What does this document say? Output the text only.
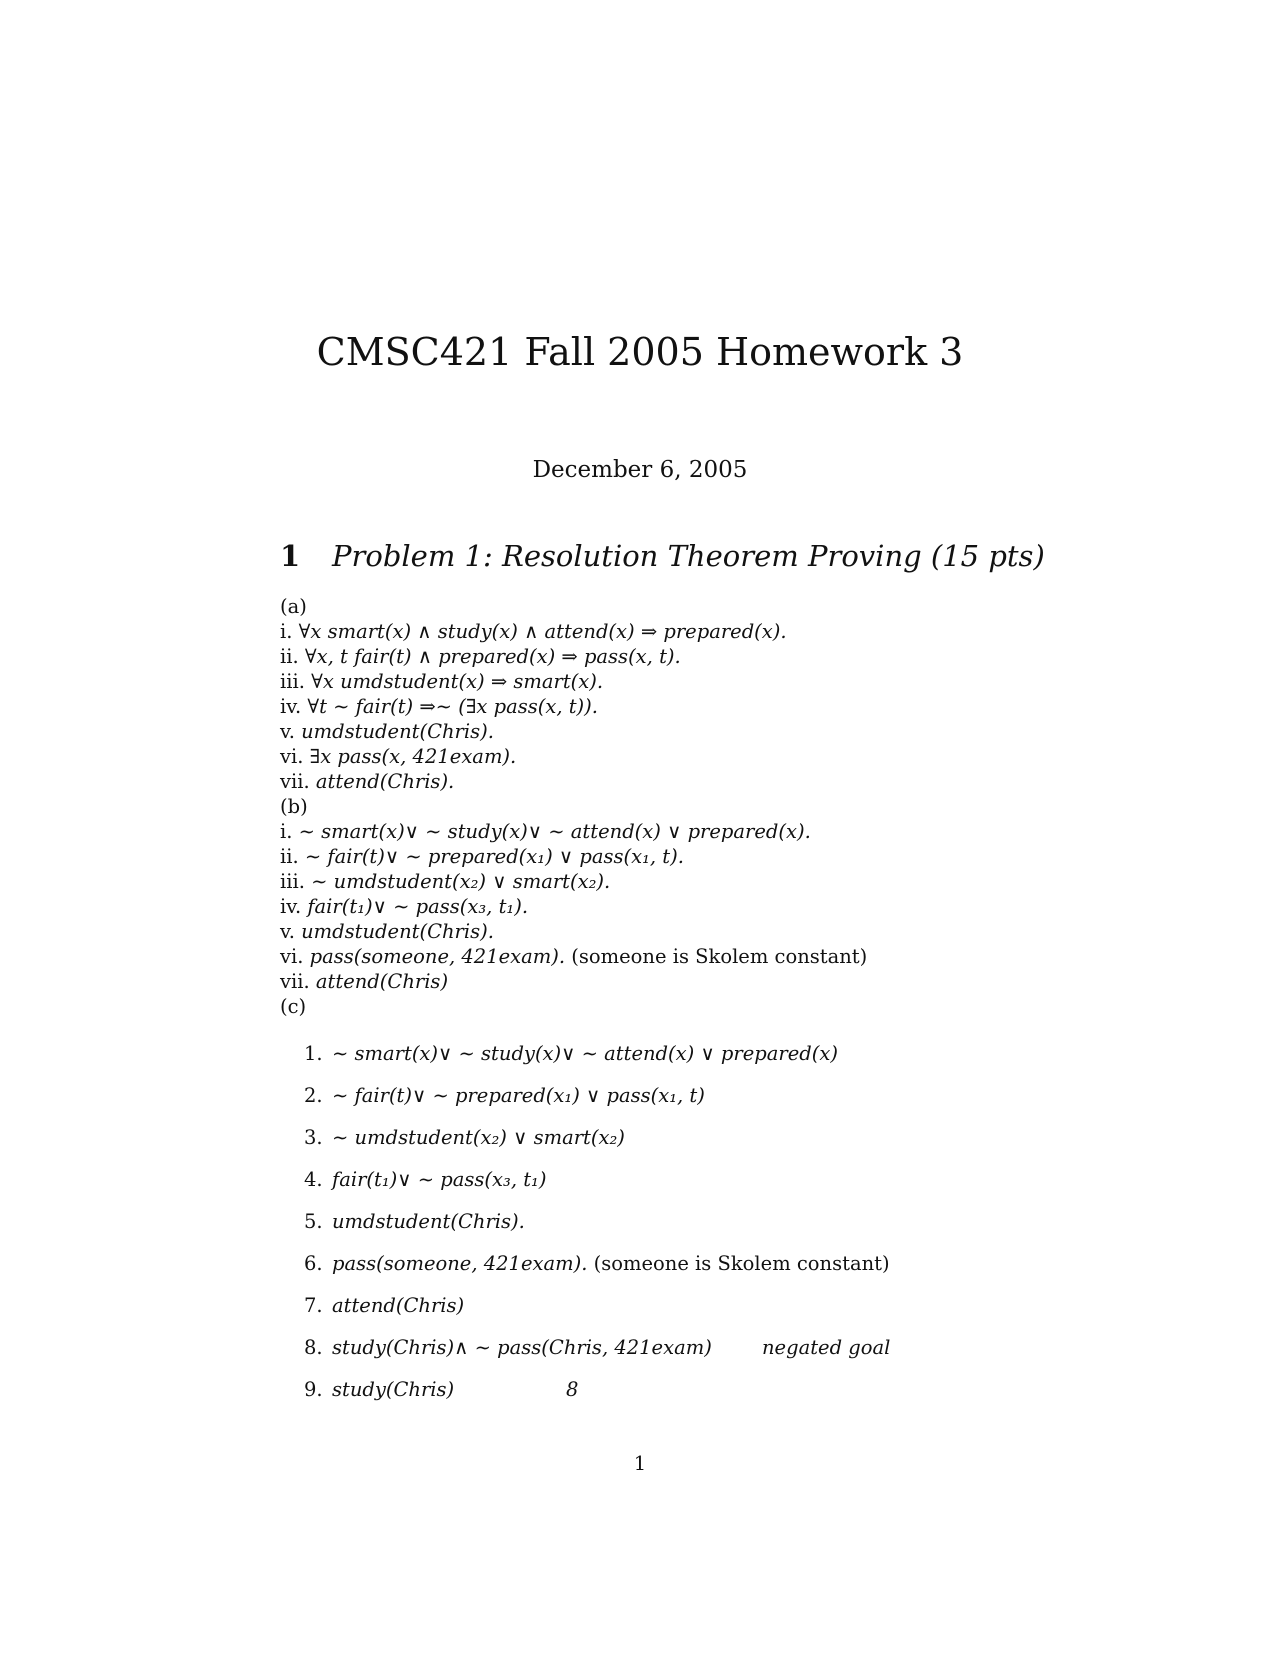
CMSC421 Fall 2005 Homework 3
December 6, 2005
1 Problem 1: Resolution Theorem Proving (15 pts)
(a)
i. ∀x smart(x) ∧ study(x) ∧ attend(x) ⇒ prepared(x).
ii. ∀x, t fair(t) ∧ prepared(x) ⇒ pass(x, t).
iii. ∀x umdstudent(x) ⇒ smart(x).
iv. ∀t ∼ fair(t) ⇒∼ (∃x pass(x, t)).
v. umdstudent(Chris).
vi. ∃x pass(x, 421exam).
vii. attend(Chris).
(b)
i. ∼ smart(x)∨ ∼ study(x)∨ ∼ attend(x) ∨ prepared(x).
ii. ∼ fair(t)∨ ∼ prepared(x₁) ∨ pass(x₁, t).
iii. ∼ umdstudent(x₂) ∨ smart(x₂).
iv. fair(t₁)∨ ∼ pass(x₃, t₁).
v. umdstudent(Chris).
vi. pass(someone, 421exam). (someone is Skolem constant)
vii. attend(Chris)
(c)
1. ∼ smart(x)∨ ∼ study(x)∨ ∼ attend(x) ∨ prepared(x)
2. ∼ fair(t)∨ ∼ prepared(x₁) ∨ pass(x₁, t)
3. ∼ umdstudent(x₂) ∨ smart(x₂)
4. fair(t₁)∨ ∼ pass(x₃, t₁)
5. umdstudent(Chris).
6. pass(someone, 421exam). (someone is Skolem constant)
7. attend(Chris)
8. study(Chris)∧ ∼ pass(Chris, 421exam)	negated goal
9. study(Chris)	8
1
